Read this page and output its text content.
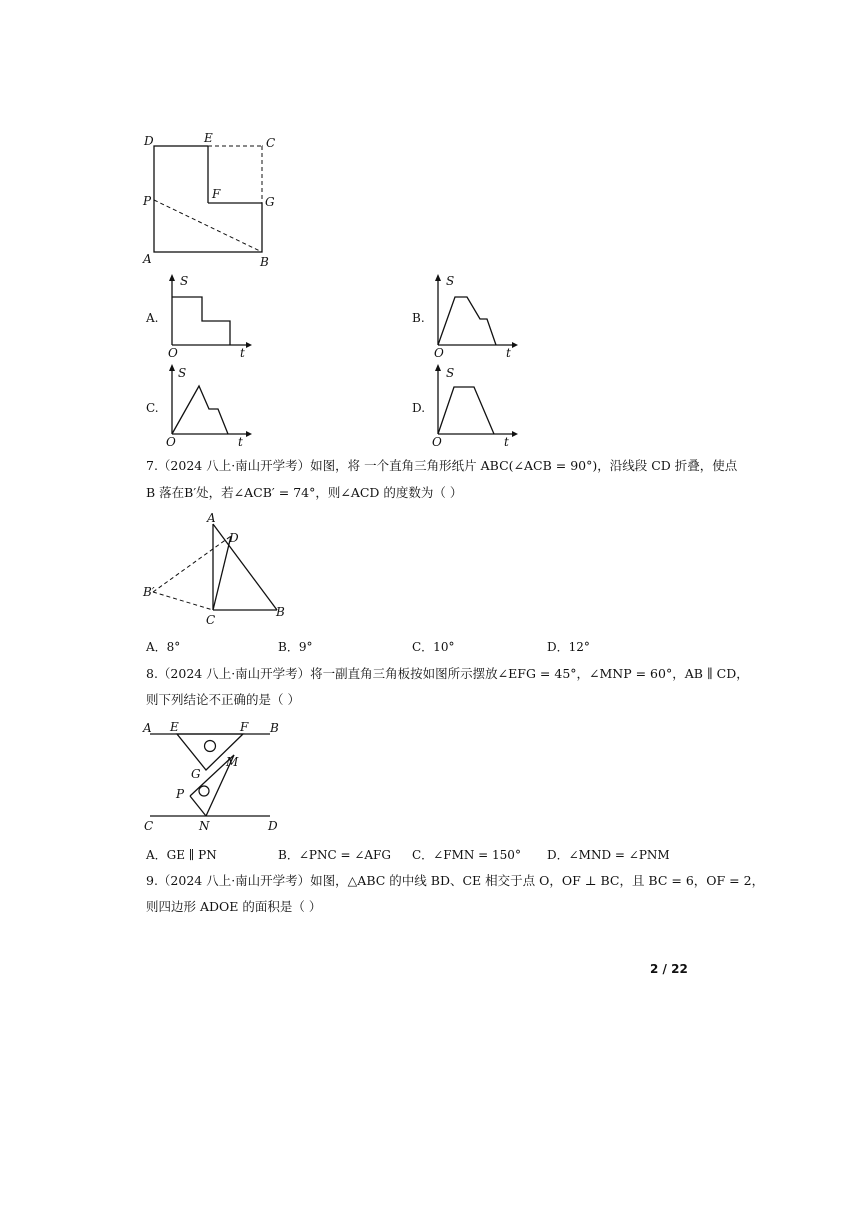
D	E	C
F
P	G
A	B
A.
S
O	t
B.
S
O	t
C.
S
O	t
D.
S
O	t
7.（2024 八上·南山开学考）如图，将 一个直角三角形纸片 ABC(∠ACB = 90°)，沿线段 CD 折叠，使点
B 落在B′处，若∠ACB′ = 74°，则∠ACD 的度数为（ ）
A
D
B′
C
B
A．8°	B．9°	C．10°	D．12°
8.（2024 八上·南山开学考）将一副直角三角板按如图所示摆放∠EFG = 45°，∠MNP = 60°，AB ∥ CD，
则下列结论不正确的是（ ）
A E	F B
G
M
P
C	N	D
A．GE ∥ PN	B．∠PNC = ∠AFG C．∠FMN = 150° D．∠MND = ∠PNM
9.（2024 八上·南山开学考）如图，△ABC 的中线 BD、CE 相交于点 O，OF ⊥ BC，且 BC = 6，OF = 2，
则四边形 ADOE 的面积是（ ）
2 / 22
